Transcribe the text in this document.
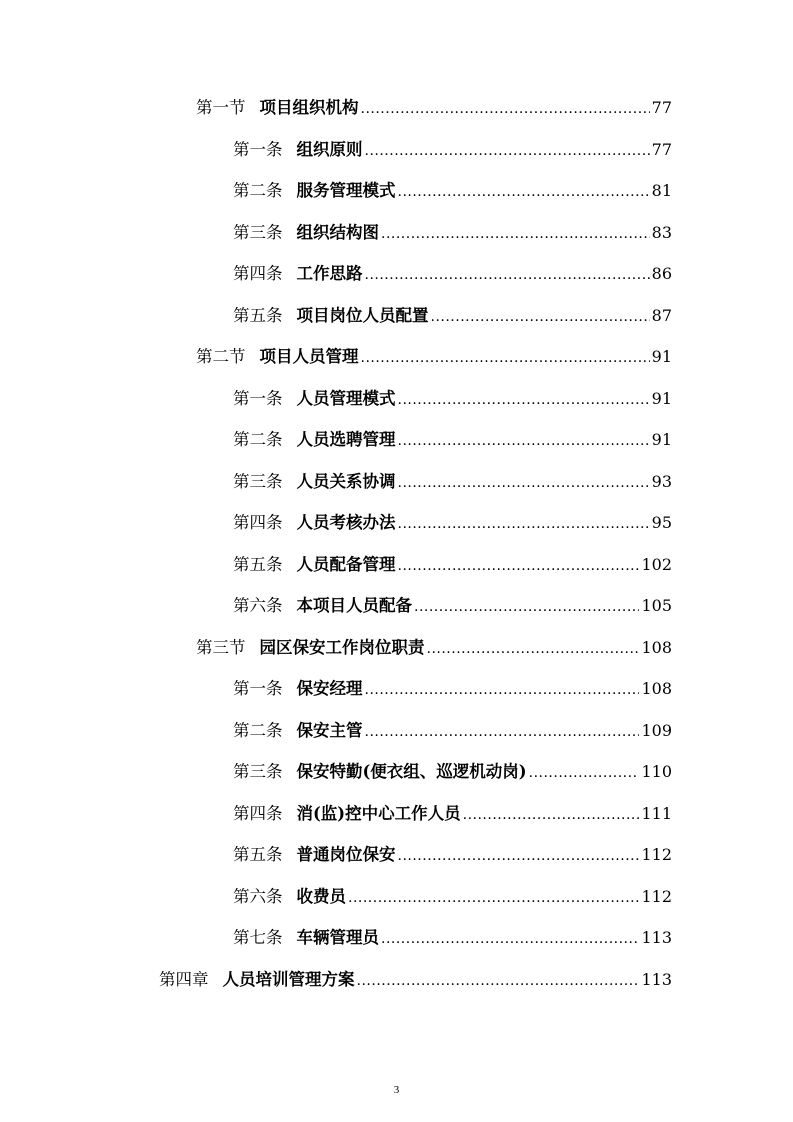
第一节 项目组织机构 .....	77
第一条 组织原则 .....	77
第二条 服务管理模式 .....	81
第三条 组织结构图 .....	83
第四条 工作思路 .....	86
第五条 项目岗位人员配置 .....	87
第二节 项目人员管理 .....	91
第一条 人员管理模式 .....	91
第二条 人员选聘管理 .....	91
第三条 人员关系协调 .....	93
第四条 人员考核办法 .....	95
第五条 人员配备管理 .....	102
第六条 本项目人员配备 .....	105
第三节 园区保安工作岗位职责 .....	108
第一条 保安经理 .....	108
第二条 保安主管 .....	109
第三条 保安特勤(便衣组、巡逻机动岗) .....	110
第四条 消(监)控中心工作人员 .....	111
第五条 普通岗位保安 .....	112
第六条 收费员 .....	112
第七条 车辆管理员 .....	113
第四章 人员培训管理方案 .....	113
3
